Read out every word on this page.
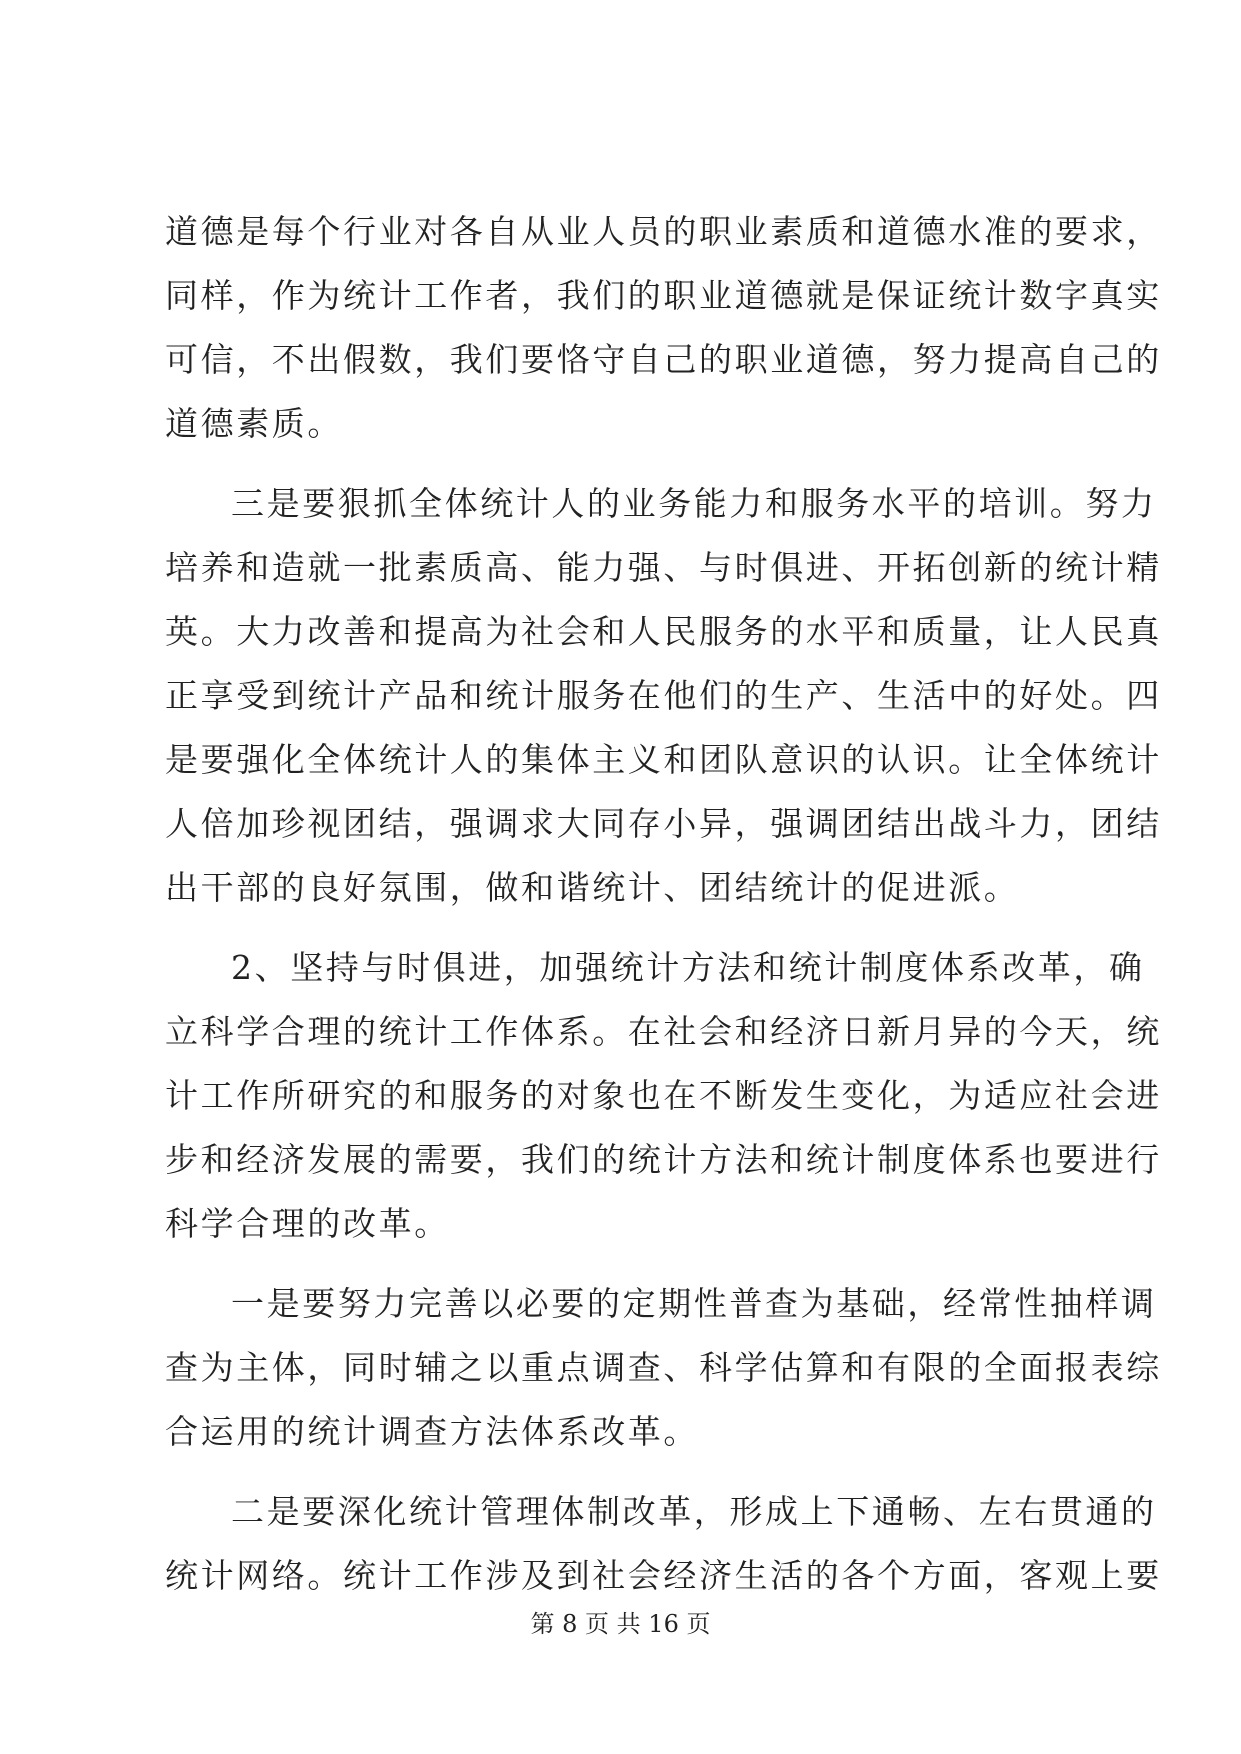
道德是每个行业对各自从业人员的职业素质和道德水准的要求，
同样，作为统计工作者，我们的职业道德就是保证统计数字真实
可信，不出假数，我们要恪守自己的职业道德，努力提高自己的
道德素质。
三是要狠抓全体统计人的业务能力和服务水平的培训。努力
培养和造就一批素质高、能力强、与时俱进、开拓创新的统计精
英。大力改善和提高为社会和人民服务的水平和质量，让人民真
正享受到统计产品和统计服务在他们的生产、生活中的好处。四
是要强化全体统计人的集体主义和团队意识的认识。让全体统计
人倍加珍视团结，强调求大同存小异，强调团结出战斗力，团结
出干部的良好氛围，做和谐统计、团结统计的促进派。
2、坚持与时俱进，加强统计方法和统计制度体系改革，确
立科学合理的统计工作体系。在社会和经济日新月异的今天，统
计工作所研究的和服务的对象也在不断发生变化，为适应社会进
步和经济发展的需要，我们的统计方法和统计制度体系也要进行
科学合理的改革。
一是要努力完善以必要的定期性普查为基础，经常性抽样调
查为主体，同时辅之以重点调查、科学估算和有限的全面报表综
合运用的统计调查方法体系改革。
二是要深化统计管理体制改革，形成上下通畅、左右贯通的
统计网络。统计工作涉及到社会经济生活的各个方面，客观上要
第 8 页 共 16 页
